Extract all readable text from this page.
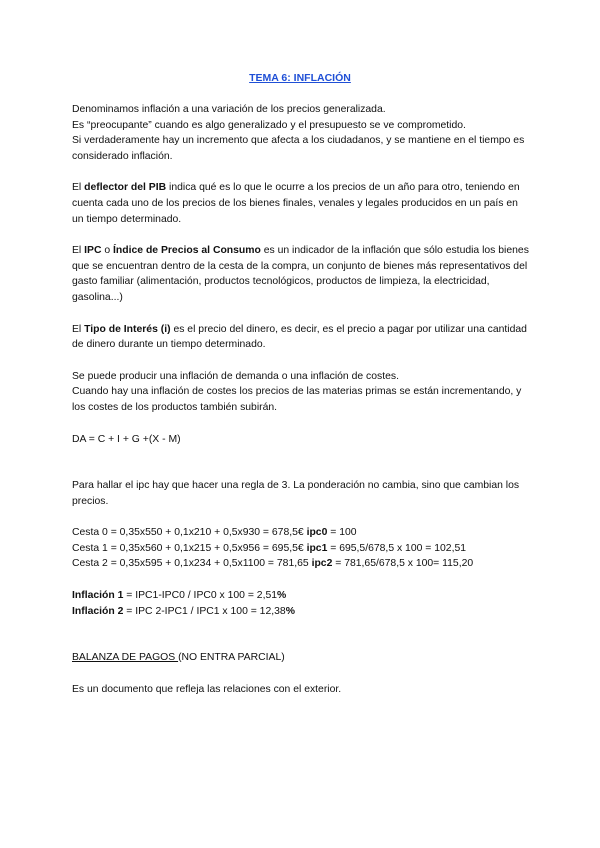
TEMA 6: INFLACIÓN

Denominamos inflación a una variación de los precios generalizada.

Es “preocupante” cuando es algo generalizado y el presupuesto se ve comprometido.

Si verdaderamente hay un incremento que afecta a los ciudadanos, y se mantiene en el tiempo es considerado inflación.

El deflector del PIB indica qué es lo que le ocurre a los precios de un año para otro, teniendo en cuenta cada uno de los precios de los bienes finales, venales y legales producidos en un país en un tiempo determinado.

El IPC o Índice de Precios al Consumo es un indicador de la inflación que sólo estudia los bienes que se encuentran dentro de la cesta de la compra, un conjunto de bienes más representativos del gasto familiar (alimentación, productos tecnológicos, productos de limpieza, la electricidad, gasolina...)

El Tipo de Interés (i) es el precio del dinero, es decir, es el precio a pagar por utilizar una cantidad de dinero durante un tiempo determinado.

Se puede producir una inflación de demanda o una inflación de costes.

Cuando hay una inflación de costes los precios de las materias primas se están incrementando, y los costes de los productos también subirán.

DA = C + I + G +(X - M)

Para hallar el ipc hay que hacer una regla de 3. La ponderación no cambia, sino que cambian los precios.

Cesta 0 = 0,35x550 + 0,1x210 + 0,5x930 = 678,5€ ipc0 = 100

Cesta 1 = 0,35x560 + 0,1x215 + 0,5x956 = 695,5€ ipc1 = 695,5/678,5 x 100 = 102,51

Cesta 2 = 0,35x595 + 0,1x234 + 0,5x1100 = 781,65 ipc2 = 781,65/678,5 x 100= 115,20

Inflación 1 = IPC1-IPC0 / IPC0 x 100 = 2,51%

Inflación 2 = IPC 2-IPC1 / IPC1 x 100 = 12,38%

BALANZA DE PAGOS (NO ENTRA PARCIAL)

Es un documento que refleja las relaciones con el exterior.
